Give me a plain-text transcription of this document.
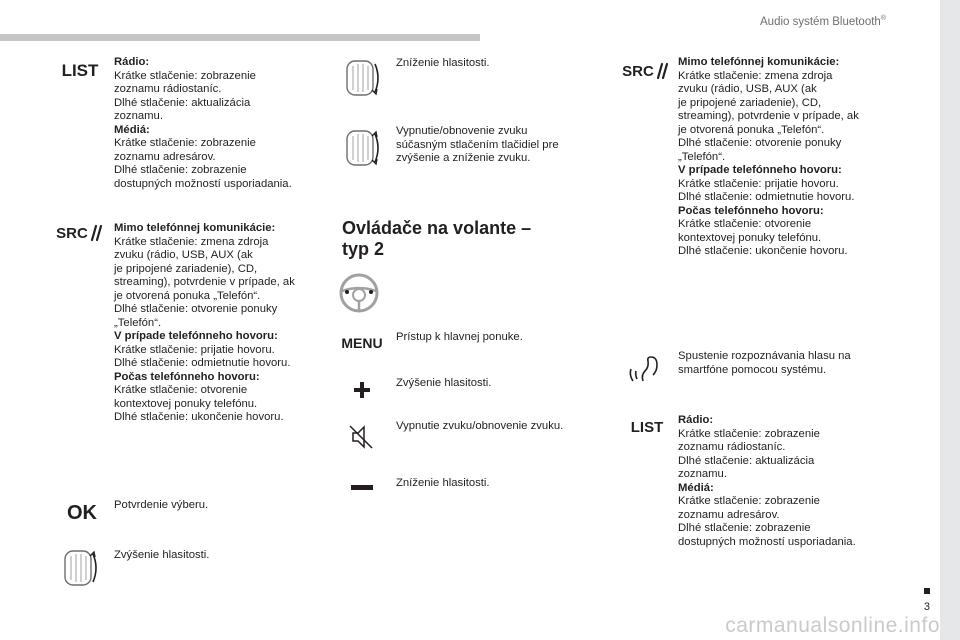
Audio systém Bluetooth®
3
carmanualsonline.info
LIST Rádio:
Krátke stlačenie: zobrazenie
zoznamu rádiostaníc.
Dlhé stlačenie: aktualizácia
zoznamu.
Médiá:
Krátke stlačenie: zobrazenie
zoznamu adresárov.
Dlhé stlačenie: zobrazenie
dostupných možností usporiadania.
SRC Mimo telefónnej komunikácie:
Krátke stlačenie: zmena zdroja
zvuku (rádio, USB, AUX (ak
je pripojené zariadenie), CD,
streaming), potvrdenie v prípade, ak
je otvorená ponuka „Telefón“.
Dlhé stlačenie: otvorenie ponuky
„Telefón“.
V prípade telefónneho hovoru:
Krátke stlačenie: prijatie hovoru.
Dlhé stlačenie: odmietnutie hovoru.
Počas telefónneho hovoru:
Krátke stlačenie: otvorenie
kontextovej ponuky telefónu.
Dlhé stlačenie: ukončenie hovoru.
OK	Potvrdenie výberu.
Zvýšenie hlasitosti.
Zníženie hlasitosti.
Vypnutie/obnovenie zvuku
súčasným stlačením tlačidiel pre
zvýšenie a zníženie zvuku.
Ovládače na volante –
typ 2
MENU	Prístup k hlavnej ponuke.
Zvýšenie hlasitosti.
Vypnutie zvuku/obnovenie zvuku.
Zníženie hlasitosti.
SRC
Mimo telefónnej komunikácie:
Krátke stlačenie: zmena zdroja
zvuku (rádio, USB, AUX (ak
je pripojené zariadenie), CD,
streaming), potvrdenie v prípade, ak
je otvorená ponuka „Telefón“.
Dlhé stlačenie: otvorenie ponuky
„Telefón“.
V prípade telefónneho hovoru:
Krátke stlačenie: prijatie hovoru.
Dlhé stlačenie: odmietnutie hovoru.
Počas telefónneho hovoru:
Krátke stlačenie: otvorenie
kontextovej ponuky telefónu.
Dlhé stlačenie: ukončenie hovoru.
Spustenie rozpoznávania hlasu na
smartfóne pomocou systému.
LIST	Rádio:
Krátke stlačenie: zobrazenie
zoznamu rádiostaníc.
Dlhé stlačenie: aktualizácia
zoznamu.
Médiá:
Krátke stlačenie: zobrazenie
zoznamu adresárov.
Dlhé stlačenie: zobrazenie
dostupných možností usporiadania.
